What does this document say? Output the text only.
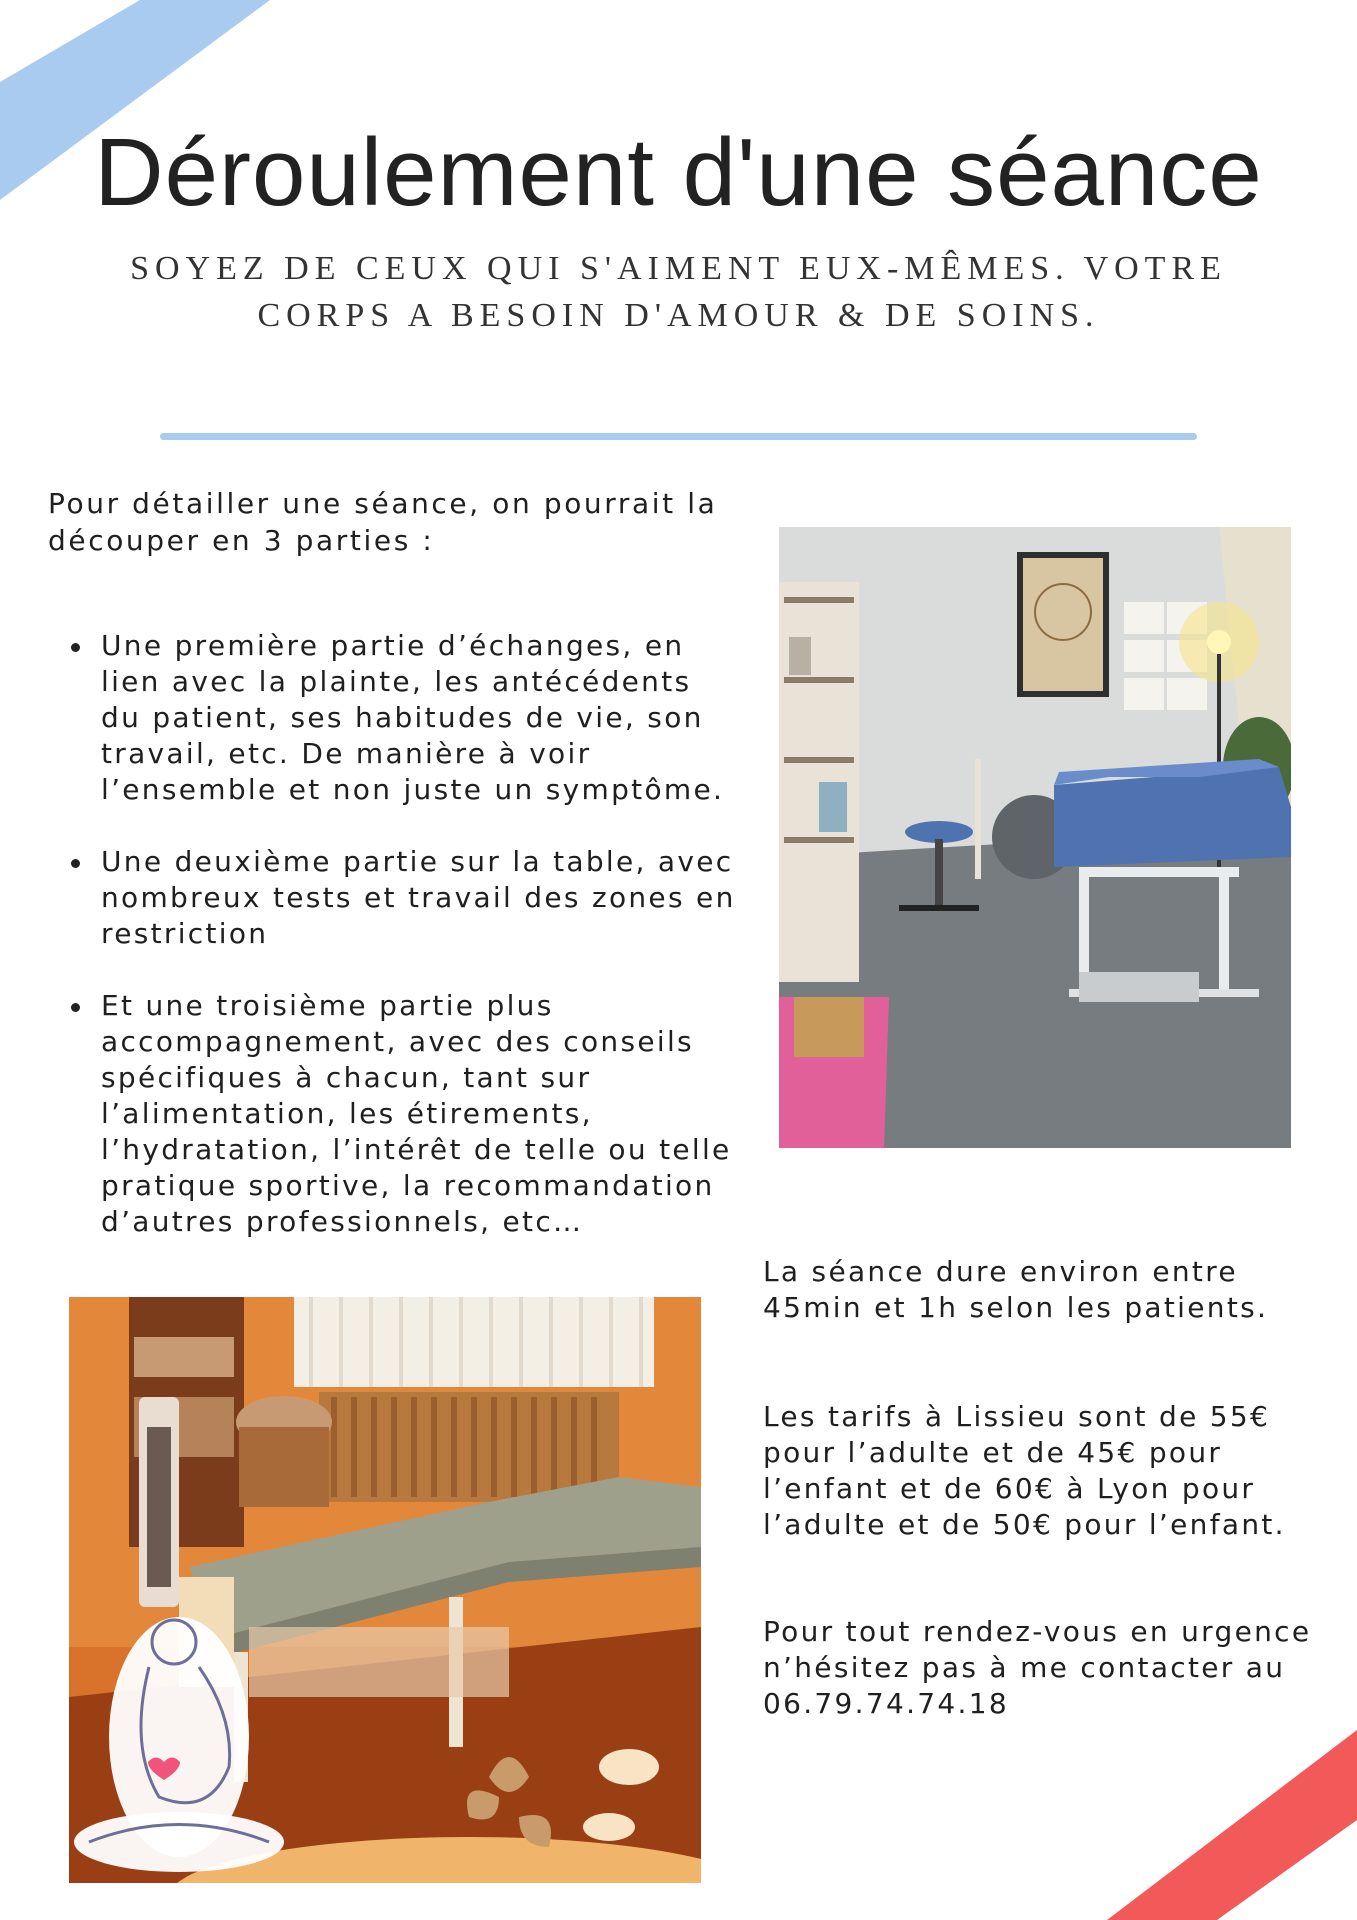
Déroulement d'une séance

SOYEZ DE CEUX QUI S'AIMENT EUX-MÊMES. VOTRE CORPS A BESOIN D'AMOUR & DE SOINS.

Pour détailler une séance, on pourrait la découper en 3 parties :

Une première partie d’échanges, en lien avec la plainte, les antécédents du patient, ses habitudes de vie, son travail, etc. De manière à voir l’ensemble et non juste un symptôme.
Une deuxième partie sur la table, avec nombreux tests et travail des zones en restriction
Et une troisième partie plus accompagnement, avec des conseils spécifiques à chacun, tant sur l’alimentation, les étirements, l’hydratation, l’intérêt de telle ou telle pratique sportive, la recommandation d’autres professionnels, etc…

La séance dure environ entre 45min et 1h selon les patients.

Les tarifs à Lissieu sont de 55€ pour l’adulte et de 45€ pour l’enfant et de 60€ à Lyon pour l’adulte et de 50€ pour l’enfant.

Pour tout rendez-vous en urgence n’hésitez pas à me contacter au 06.79.74.74.18
